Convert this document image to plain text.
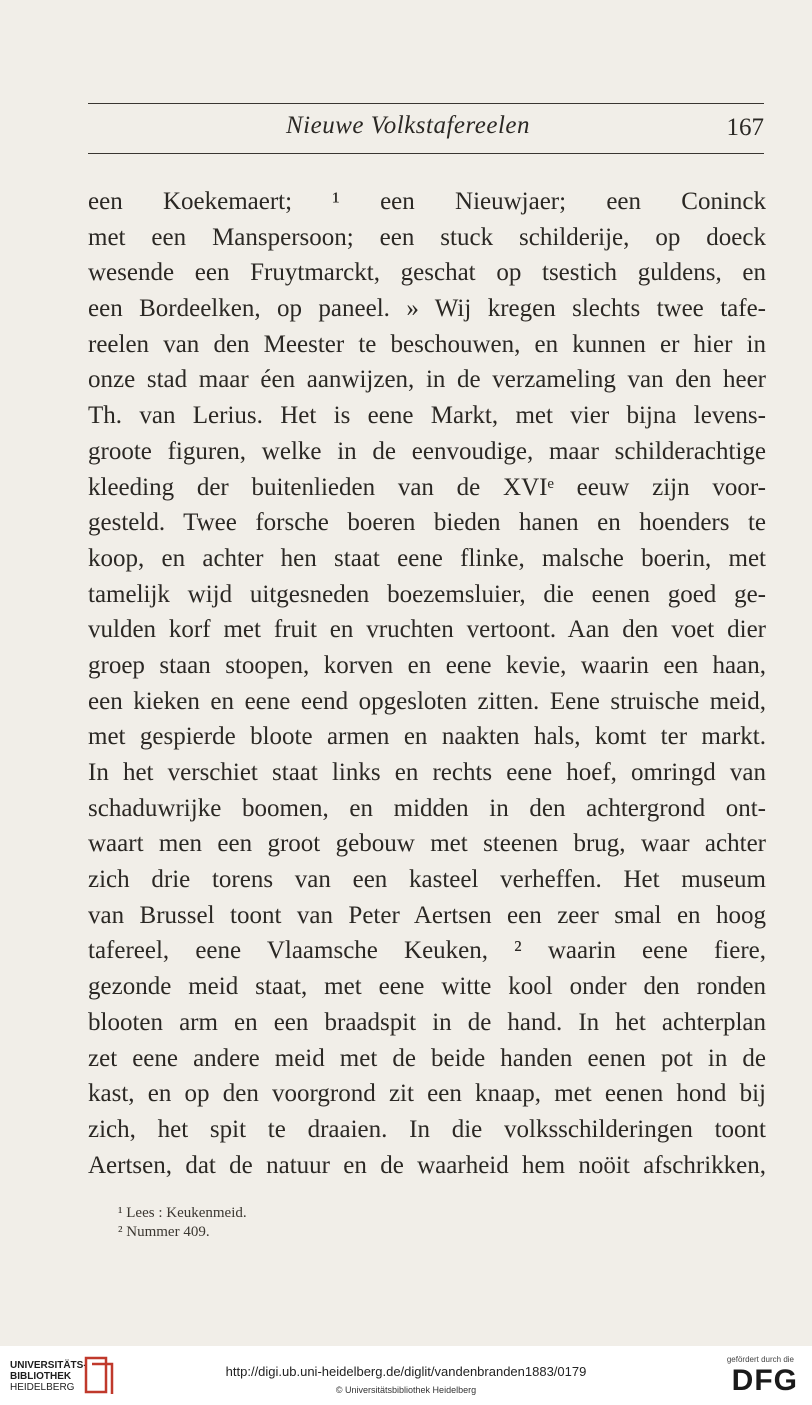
Nieuwe Volkstafereelen	167
een Koekemaert; ¹ een Nieuwjaer; een Coninck
met een Manspersoon; een stuck schilderije, op doeck
wesende een Fruytmarckt, geschat op tsestich guldens, en
een Bordeelken, op paneel. » Wij kregen slechts twee tafe-
reelen van den Meester te beschouwen, en kunnen er hier in
onze stad maar éen aanwijzen, in de verzameling van den heer
Th. van Lerius. Het is eene Markt, met vier bijna levens-
groote figuren, welke in de eenvoudige, maar schilderachtige
kleeding der buitenlieden van de XVIᵉ eeuw zijn voor-
gesteld. Twee forsche boeren bieden hanen en hoenders te
koop, en achter hen staat eene flinke, malsche boerin, met
tamelijk wijd uitgesneden boezemsluier, die eenen goed ge-
vulden korf met fruit en vruchten vertoont. Aan den voet dier
groep staan stoopen, korven en eene kevie, waarin een haan,
een kieken en eene eend opgesloten zitten. Eene struische meid,
met gespierde bloote armen en naakten hals, komt ter markt.
In het verschiet staat links en rechts eene hoef, omringd van
schaduwrijke boomen, en midden in den achtergrond ont-
waart men een groot gebouw met steenen brug, waar achter
zich drie torens van een kasteel verheffen. Het museum
van Brussel toont van Peter Aertsen een zeer smal en hoog
tafereel, eene Vlaamsche Keuken, ² waarin eene fiere,
gezonde meid staat, met eene witte kool onder den ronden
blooten arm en een braadspit in de hand. In het achterplan
zet eene andere meid met de beide handen eenen pot in de
kast, en op den voorgrond zit een knaap, met eenen hond bij
zich, het spit te draaien. In die volksschilderingen toont
Aertsen, dat de natuur en de waarheid hem noöit afschrikken,
¹ Lees : Keukenmeid.
² Nummer 409.
UNIVERSITÄTS-
BIBLIOTHEK
HEIDELBERG
http://digi.ub.uni-heidelberg.de/diglit/vandenbranden1883/0179
© Universitätsbibliothek Heidelberg
gefördert durch die
DFG
